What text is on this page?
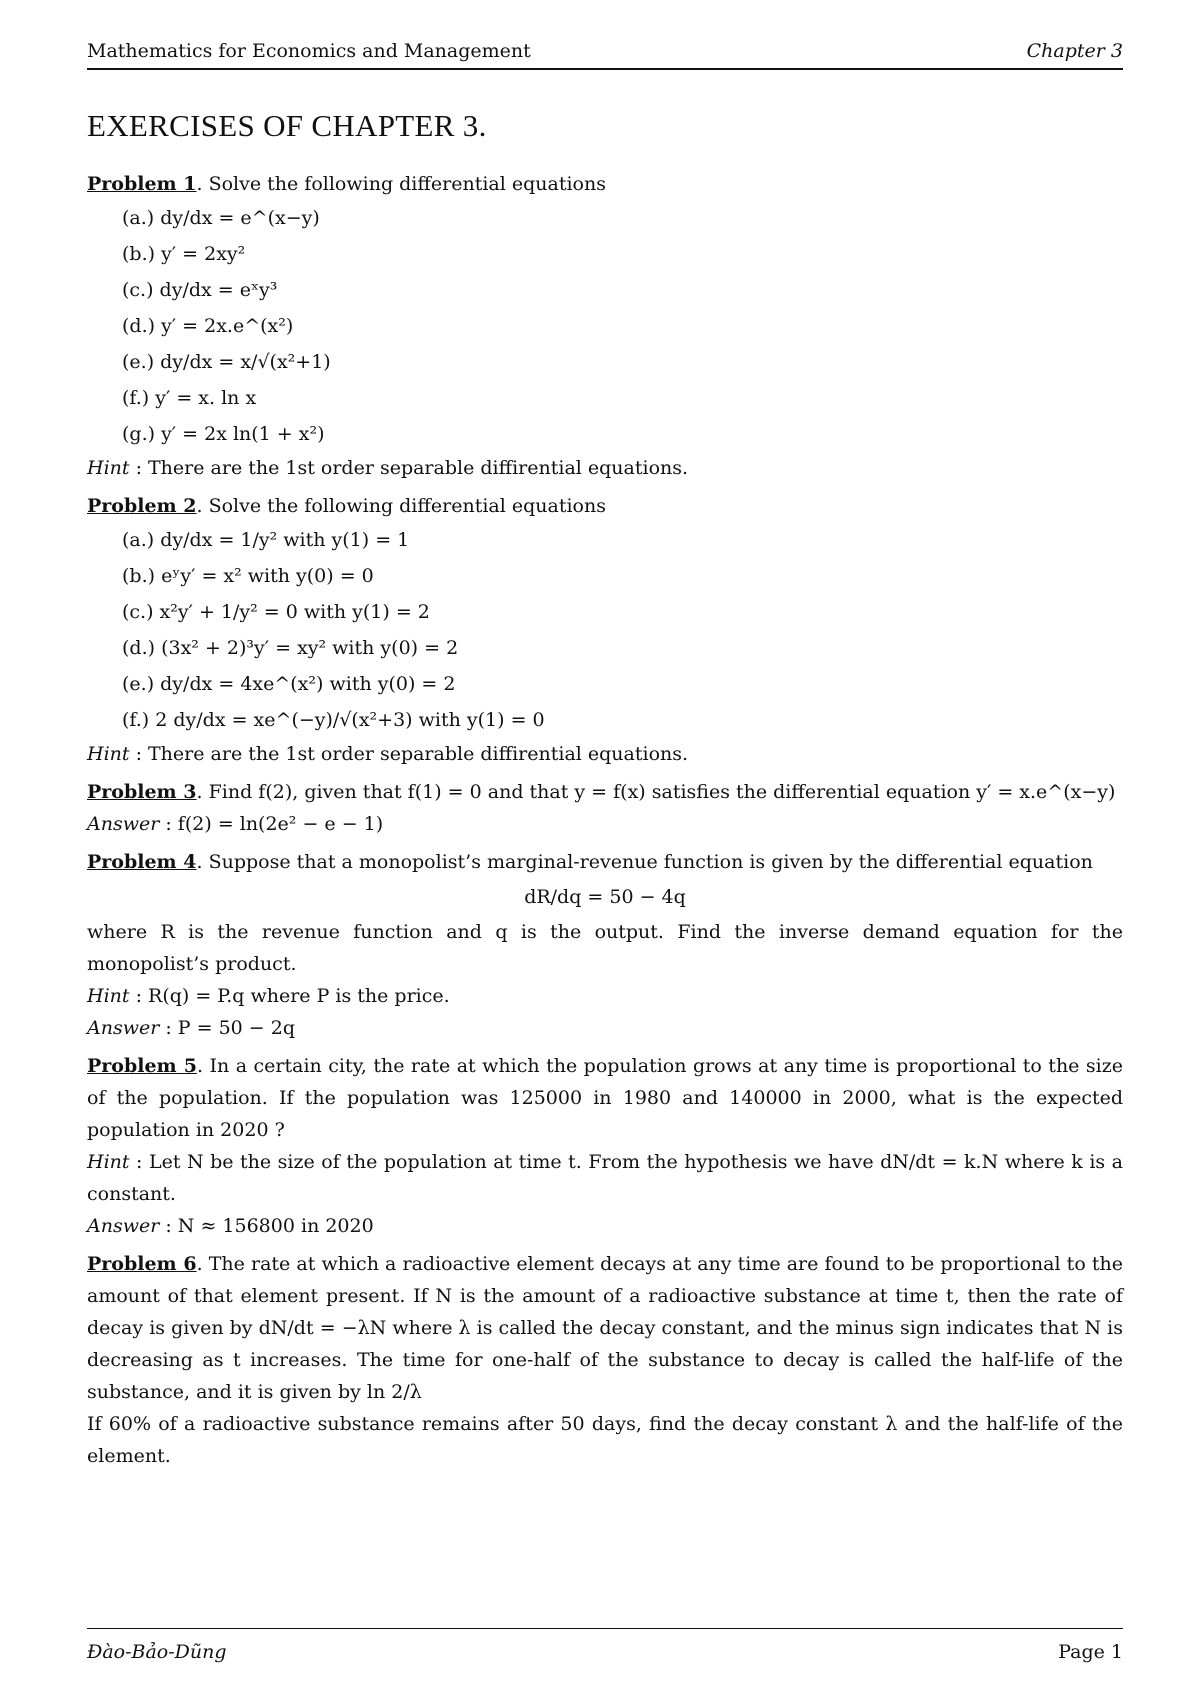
Mathematics for Economics and Management	Chapter 3
EXERCISES OF CHAPTER 3.

Problem 1. Solve the following differential equations

(a.) dy/dx = e^(x−y)

(b.) y′ = 2xy²

(c.) dy/dx = eˣy³

(d.) y′ = 2x.e^(x²)

(e.) dy/dx = x/√(x²+1)

(f.) y′ = x. ln x

(g.) y′ = 2x ln(1 + x²)

Hint : There are the 1st order separable diffirential equations.

Problem 2. Solve the following differential equations

(a.) dy/dx = 1/y² with y(1) = 1

(b.) eʸy′ = x² with y(0) = 0

(c.) x²y′ + 1/y² = 0 with y(1) = 2

(d.) (3x² + 2)³y′ = xy² with y(0) = 2

(e.) dy/dx = 4xe^(x²) with y(0) = 2

(f.) 2 dy/dx = xe^(−y)/√(x²+3) with y(1) = 0

Hint : There are the 1st order separable diffirential equations.

Problem 3. Find f(2), given that f(1) = 0 and that y = f(x) satisfies the differential equation y′ = x.e^(x−y)

Answer : f(2) = ln(2e² − e − 1)

Problem 4. Suppose that a monopolist’s marginal-revenue function is given by the differential equation

dR/dq = 50 − 4q

where R is the revenue function and q is the output. Find the inverse demand equation for the monopolist’s product.

Hint : R(q) = P.q where P is the price.

Answer : P = 50 − 2q

Problem 5. In a certain city, the rate at which the population grows at any time is proportional to the size of the population. If the population was 125000 in 1980 and 140000 in 2000, what is the expected population in 2020 ?

Hint : Let N be the size of the population at time t. From the hypothesis we have dN/dt = k.N where k is a constant.

Answer : N ≈ 156800 in 2020

Problem 6. The rate at which a radioactive element decays at any time are found to be proportional to the amount of that element present. If N is the amount of a radioactive substance at time t, then the rate of decay is given by dN/dt = −λN where λ is called the decay constant, and the minus sign indicates that N is decreasing as t increases. The time for one-half of the substance to decay is called the half-life of the substance, and it is given by ln 2/λ

If 60% of a radioactive substance remains after 50 days, find the decay constant λ and the half-life of the element.

Đào-Bảo-Dũng	Page 1
